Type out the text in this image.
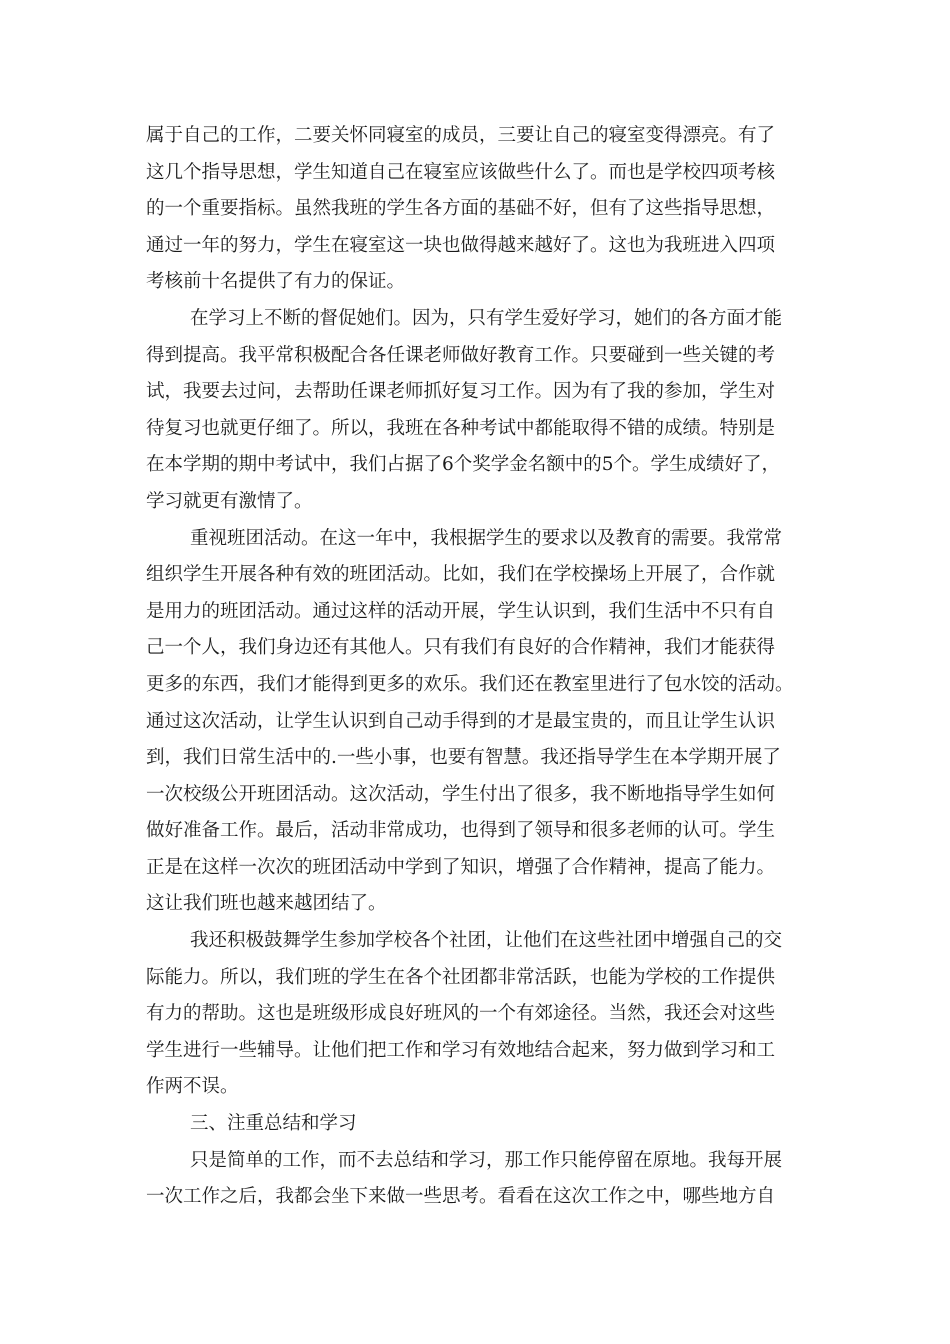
属于自己的工作，二要关怀同寝室的成员，三要让自己的寝室变得漂亮。有了
这几个指导思想，学生知道自己在寝室应该做些什么了。而也是学校四项考核
的一个重要指标。虽然我班的学生各方面的基础不好，但有了这些指导思想，
通过一年的努力，学生在寝室这一块也做得越来越好了。这也为我班进入四项
考核前十名提供了有力的保证。
在学习上不断的督促她们。因为，只有学生爱好学习，她们的各方面才能
得到提高。我平常积极配合各任课老师做好教育工作。只要碰到一些关键的考
试，我要去过问，去帮助任课老师抓好复习工作。因为有了我的参加，学生对
待复习也就更仔细了。所以，我班在各种考试中都能取得不错的成绩。特别是
在本学期的期中考试中，我们占据了6个奖学金名额中的5个。学生成绩好了，
学习就更有激情了。
重视班团活动。在这一年中，我根据学生的要求以及教育的需要。我常常
组织学生开展各种有效的班团活动。比如，我们在学校操场上开展了，合作就
是用力的班团活动。通过这样的活动开展，学生认识到，我们生活中不只有自
己一个人，我们身边还有其他人。只有我们有良好的合作精神，我们才能获得
更多的东西，我们才能得到更多的欢乐。我们还在教室里进行了包水饺的活动。
通过这次活动，让学生认识到自己动手得到的才是最宝贵的，而且让学生认识
到，我们日常生活中的.一些小事，也要有智慧。我还指导学生在本学期开展了
一次校级公开班团活动。这次活动，学生付出了很多，我不断地指导学生如何
做好准备工作。最后，活动非常成功，也得到了领导和很多老师的认可。学生
正是在这样一次次的班团活动中学到了知识，增强了合作精神，提高了能力。
这让我们班也越来越团结了。
我还积极鼓舞学生参加学校各个社团，让他们在这些社团中增强自己的交
际能力。所以，我们班的学生在各个社团都非常活跃，也能为学校的工作提供
有力的帮助。这也是班级形成良好班风的一个有郊途径。当然，我还会对这些
学生进行一些辅导。让他们把工作和学习有效地结合起来，努力做到学习和工
作两不误。
三、注重总结和学习
只是简单的工作，而不去总结和学习，那工作只能停留在原地。我每开展
一次工作之后，我都会坐下来做一些思考。看看在这次工作之中，哪些地方自
